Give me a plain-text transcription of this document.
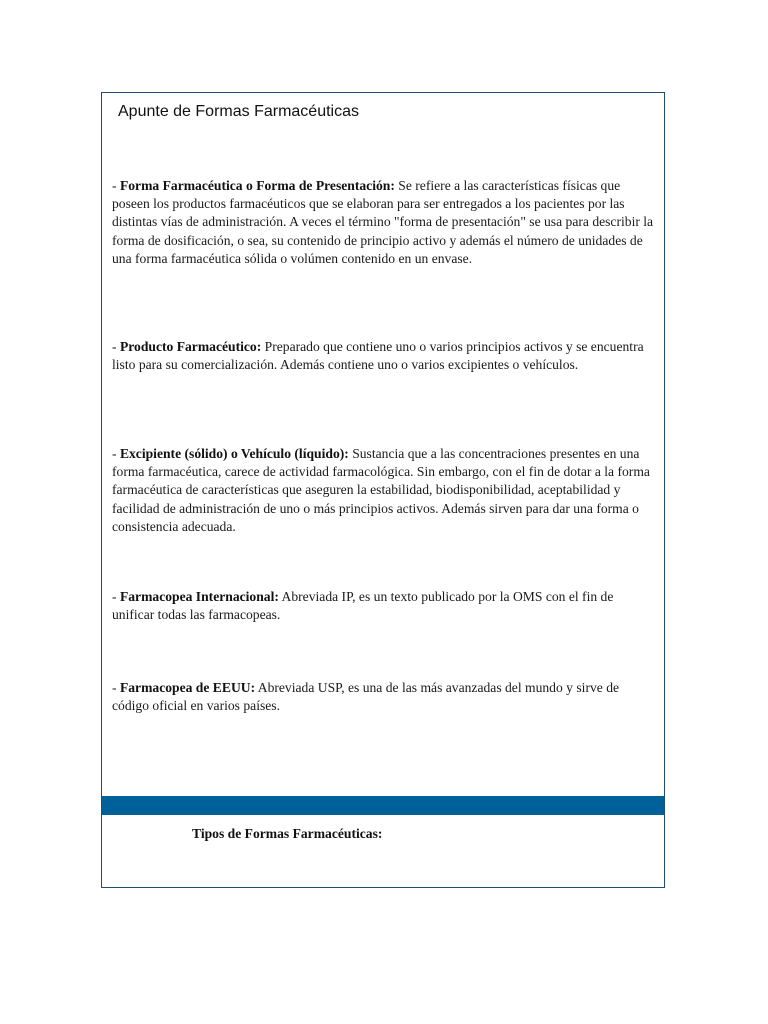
Apunte de Formas Farmacéuticas

- Forma Farmacéutica o Forma de Presentación: Se refiere a las características físicas que poseen los productos farmacéuticos que se elaboran para ser entregados a los pacientes por las distintas vías de administración. A veces el término "forma de presentación" se usa para describir la forma de dosificación, o sea, su contenido de principio activo y además el número de unidades de una forma farmacéutica sólida o volúmen contenido en un envase.

- Producto Farmacéutico: Preparado que contiene uno o varios principios activos y se encuentra listo para su comercialización. Además contiene uno o varios excipientes o vehículos.

- Excipiente (sólido) o Vehículo (líquido): Sustancia que a las concentraciones presentes en una forma farmacéutica, carece de actividad farmacológica. Sin embargo, con el fin de dotar a la forma farmacéutica de características que aseguren la estabilidad, biodisponibilidad, aceptabilidad y facilidad de administración de uno o más principios activos. Además sirven para dar una forma o consistencia adecuada.

- Farmacopea Internacional: Abreviada IP, es un texto publicado por la OMS con el fin de unificar todas las farmacopeas.

- Farmacopea de EEUU: Abreviada USP, es una de las más avanzadas del mundo y sirve de código oficial en varios países.

Tipos de Formas Farmacéuticas:
